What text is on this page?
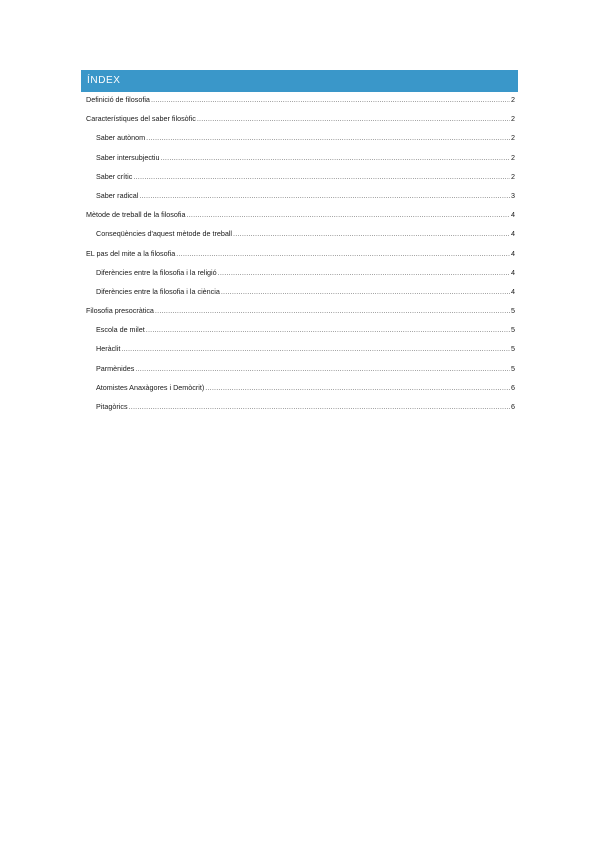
ÍNDEX
Definició de filosofia .....	2
Característiques del saber filosòfic .....	2
Saber autònom .....	2
Saber intersubjectiu .....	2
Saber crític .....	2
Saber radical .....	3
Mètode de treball de la filosofia .....	4
Conseqüències d'aquest mètode de treball .....	4
EL pas del mite a la filosofia .....	4
Diferències entre la filosofia i la religió .....	4
Diferències entre la filosofia i la ciència .....	4
Filosofia presocràtica .....	5
Escola de milet .....	5
Heràclit .....	5
Parmènides .....	5
Atomistes Anaxàgores i Demòcrit) .....	6
Pitagòrics .....	6
